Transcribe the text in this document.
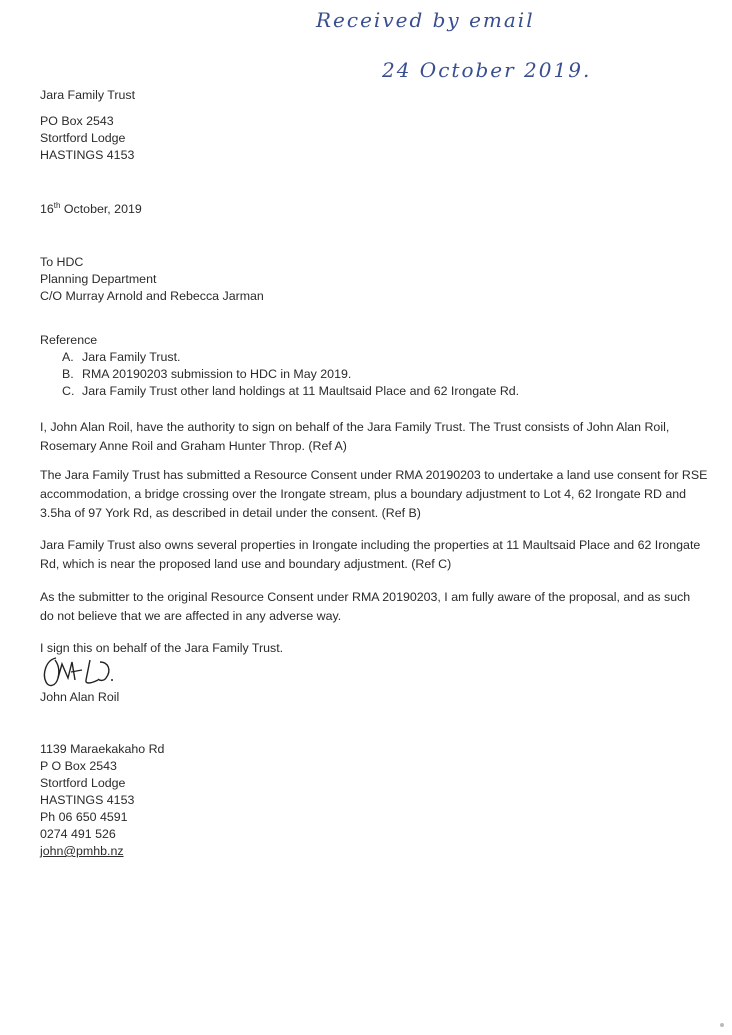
Received by email
24 October 2019.
Jara Family Trust
PO Box 2543
Stortford Lodge
HASTINGS 4153
16th October, 2019
To HDC
Planning Department
C/O Murray Arnold and Rebecca Jarman
Reference
A. Jara Family Trust.
B. RMA 20190203 submission to HDC in May 2019.
C. Jara Family Trust other land holdings at 11 Maultsaid Place and 62 Irongate Rd.
I, John Alan Roil, have the authority to sign on behalf of the Jara Family Trust. The Trust consists of John Alan Roil,
Rosemary Anne Roil and Graham Hunter Throp. (Ref A)
The Jara Family Trust has submitted a Resource Consent under RMA 20190203 to undertake a land use consent for RSE
accommodation, a bridge crossing over the Irongate stream, plus a boundary adjustment to Lot 4, 62 Irongate RD and
3.5ha of 97 York Rd, as described in detail under the consent. (Ref B)
Jara Family Trust also owns several properties in Irongate including the properties at 11 Maultsaid Place and 62 Irongate
Rd, which is near the proposed land use and boundary adjustment. (Ref C)
As the submitter to the original Resource Consent under RMA 20190203, I am fully aware of the proposal, and as such
do not believe that we are affected in any adverse way.
I sign this on behalf of the Jara Family Trust.
John Alan Roil
1139 Maraekakaho Rd
P O Box 2543
Stortford Lodge
HASTINGS 4153
Ph 06 650 4591
0274 491 526
john@pmhb.nz
